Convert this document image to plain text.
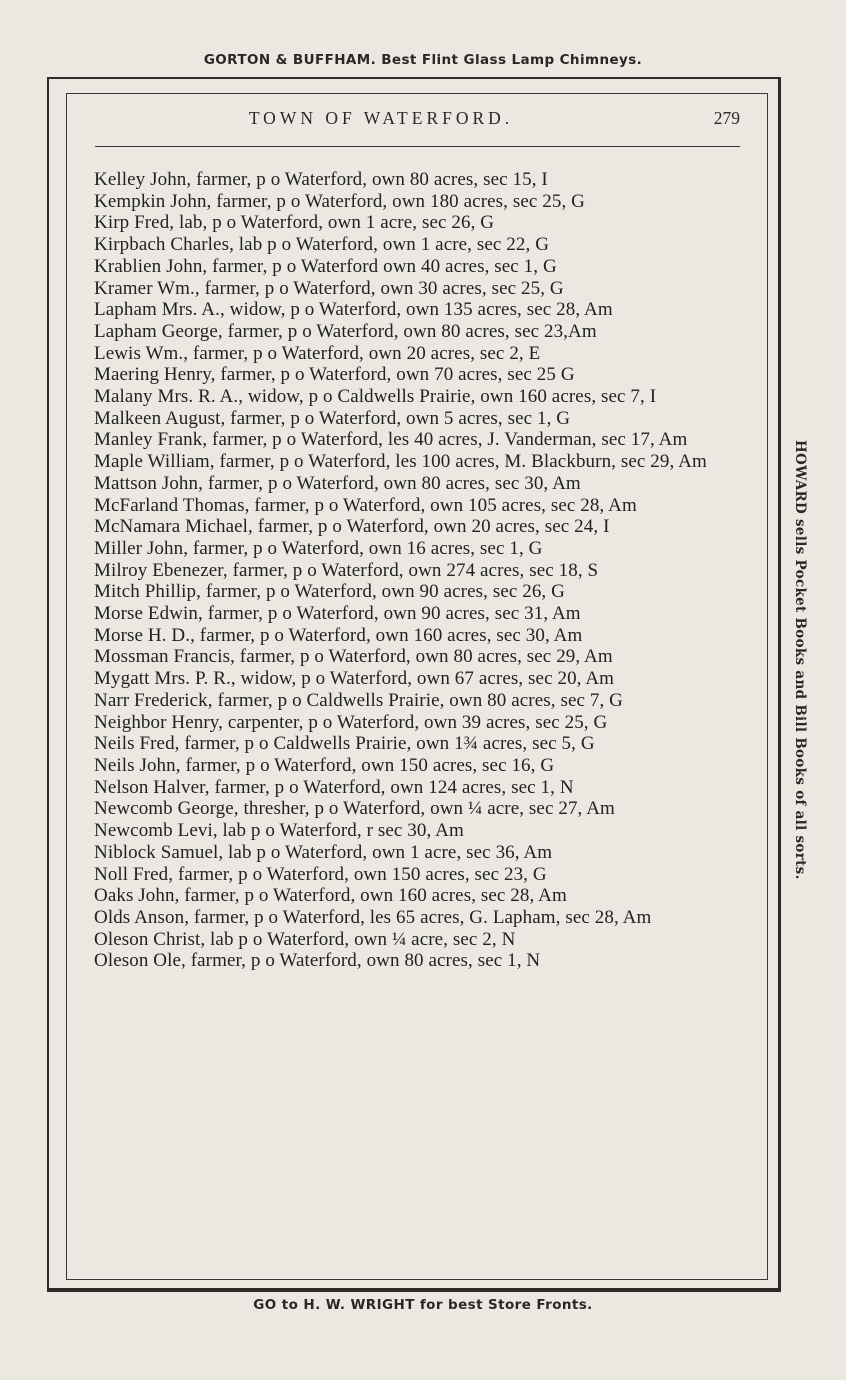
GORTON & BUFFHAM. Best Flint Glass Lamp Chimneys.
TOWN OF WATERFORD.	279
Kelley John, farmer, p o Waterford, own 80 acres, sec 15, I
Kempkin John, farmer, p o Waterford, own 180 acres, sec 25, G
Kirp Fred, lab, p o Waterford, own 1 acre, sec 26, G
Kirpbach Charles, lab p o Waterford, own 1 acre, sec 22, G
Krablien John, farmer, p o Waterford own 40 acres, sec 1, G
Kramer Wm., farmer, p o Waterford, own 30 acres, sec 25, G
Lapham Mrs. A., widow, p o Waterford, own 135 acres, sec 28, Am
Lapham George, farmer, p o Waterford, own 80 acres, sec 23,Am
Lewis Wm., farmer, p o Waterford, own 20 acres, sec 2, E
Maering Henry, farmer, p o Waterford, own 70 acres, sec 25 G
Malany Mrs. R. A., widow, p o Caldwells Prairie, own 160 acres, sec 7, I
Malkeen August, farmer, p o Waterford, own 5 acres, sec 1, G
Manley Frank, farmer, p o Waterford, les 40 acres, J. Vanderman, sec 17, Am
Maple William, farmer, p o Waterford, les 100 acres, M. Blackburn, sec 29, Am
Mattson John, farmer, p o Waterford, own 80 acres, sec 30, Am
McFarland Thomas, farmer, p o Waterford, own 105 acres, sec 28, Am
McNamara Michael, farmer, p o Waterford, own 20 acres, sec 24, I
Miller John, farmer, p o Waterford, own 16 acres, sec 1, G
Milroy Ebenezer, farmer, p o Waterford, own 274 acres, sec 18, S
Mitch Phillip, farmer, p o Waterford, own 90 acres, sec 26, G
Morse Edwin, farmer, p o Waterford, own 90 acres, sec 31, Am
Morse H. D., farmer, p o Waterford, own 160 acres, sec 30, Am
Mossman Francis, farmer, p o Waterford, own 80 acres, sec 29, Am
Mygatt Mrs. P. R., widow, p o Waterford, own 67 acres, sec 20, Am
Narr Frederick, farmer, p o Caldwells Prairie, own 80 acres, sec 7, G
Neighbor Henry, carpenter, p o Waterford, own 39 acres, sec 25, G
Neils Fred, farmer, p o Caldwells Prairie, own 1¾ acres, sec 5, G
Neils John, farmer, p o Waterford, own 150 acres, sec 16, G
Nelson Halver, farmer, p o Waterford, own 124 acres, sec 1, N
Newcomb George, thresher, p o Waterford, own ¼ acre, sec 27, Am
Newcomb Levi, lab p o Waterford, r sec 30, Am
Niblock Samuel, lab p o Waterford, own 1 acre, sec 36, Am
Noll Fred, farmer, p o Waterford, own 150 acres, sec 23, G
Oaks John, farmer, p o Waterford, own 160 acres, sec 28, Am
Olds Anson, farmer, p o Waterford, les 65 acres, G. Lapham, sec 28, Am
Oleson Christ, lab p o Waterford, own ¼ acre, sec 2, N
Oleson Ole, farmer, p o Waterford, own 80 acres, sec 1, N
HOWARD sells Pocket Books and Bill Books of all sorts.
GO to H. W. WRIGHT for best Store Fronts.
